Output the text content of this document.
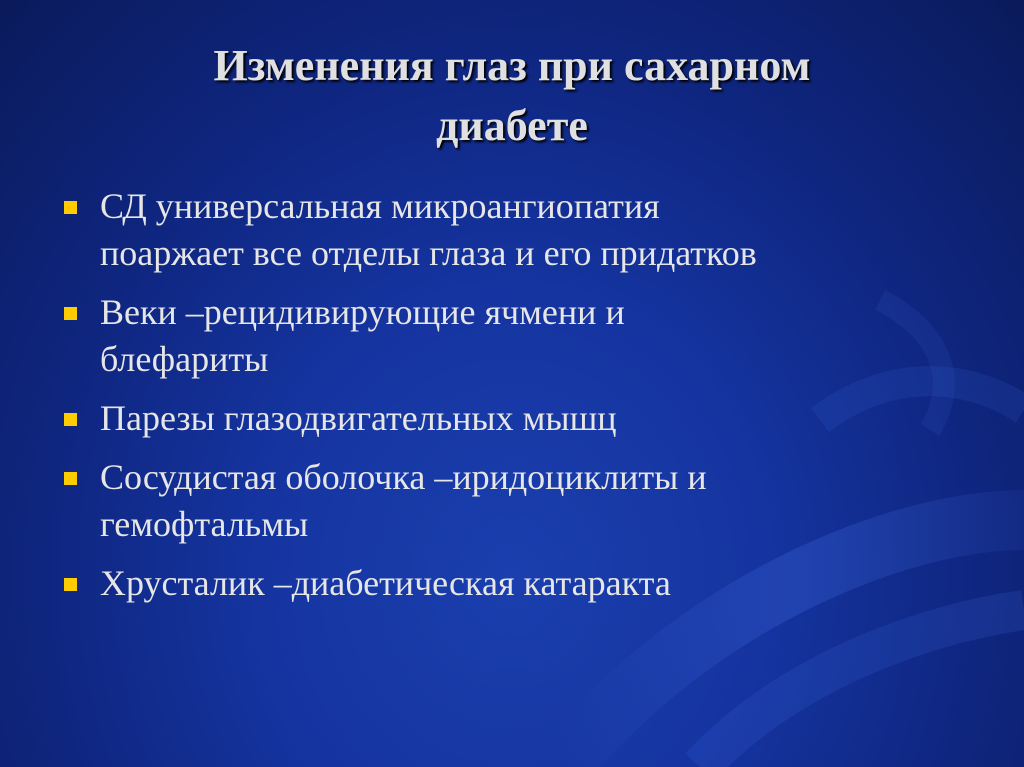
Изменения глаз при сахарном
диабете
СД универсальная микроангиопатия
поаржает все отделы глаза и его придатков
Веки –рецидивирующие ячмени и
блефариты
Парезы глазодвигательных мышц
Сосудистая оболочка –иридоциклиты и
гемофтальмы
Хрусталик –диабетическая катаракта
